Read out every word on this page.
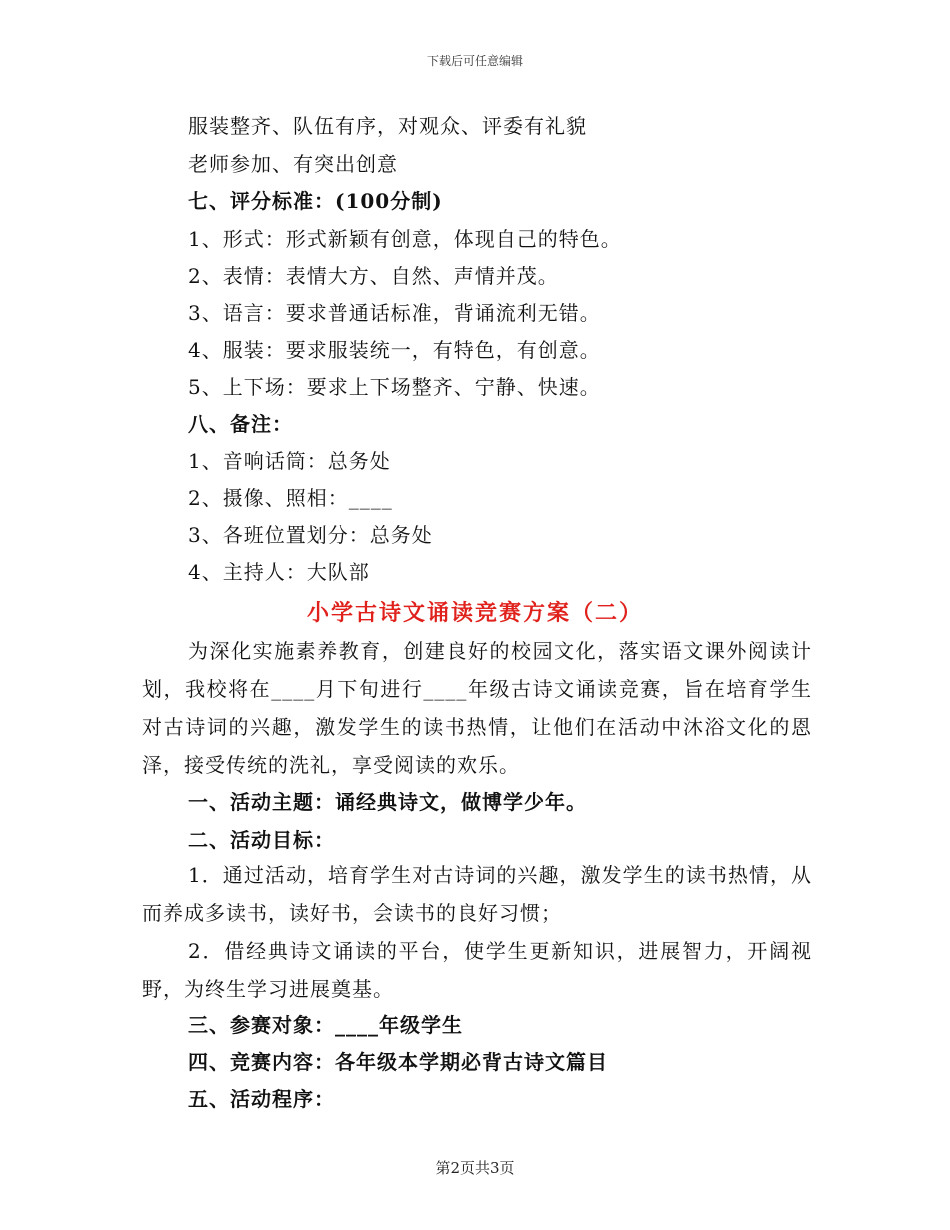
下载后可任意编辑
服装整齐、队伍有序，对观众、评委有礼貌
老师参加、有突出创意
七、评分标准：(100分制)
1、形式：形式新颖有创意，体现自己的特色。
2、表情：表情大方、自然、声情并茂。
3、语言：要求普通话标准，背诵流利无错。
4、服装：要求服装统一，有特色，有创意。
5、上下场：要求上下场整齐、宁静、快速。
八、备注：
1、音响话筒：总务处
2、摄像、照相：____
3、各班位置划分：总务处
4、主持人：大队部
小学古诗文诵读竞赛方案（二）
为深化实施素养教育，创建良好的校园文化，落实语文课外阅读计划，我校将在____月下旬进行____年级古诗文诵读竞赛，旨在培育学生对古诗词的兴趣，激发学生的读书热情，让他们在活动中沐浴文化的恩泽，接受传统的洗礼，享受阅读的欢乐。
一、活动主题：诵经典诗文，做博学少年。
二、活动目标：
1．通过活动，培育学生对古诗词的兴趣，激发学生的读书热情，从而养成多读书，读好书，会读书的良好习惯；
2．借经典诗文诵读的平台，使学生更新知识，进展智力，开阔视野，为终生学习进展奠基。
三、参赛对象：____年级学生
四、竞赛内容：各年级本学期必背古诗文篇目
五、活动程序：
第2页共3页
